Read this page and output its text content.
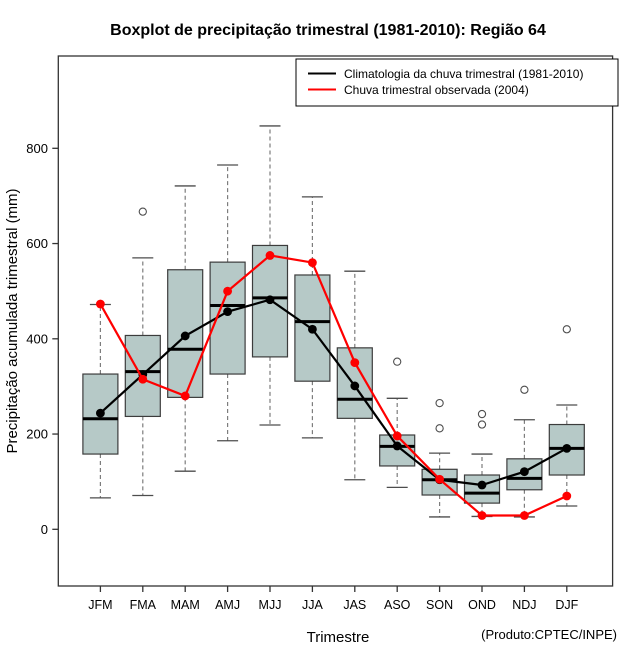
Boxplot de precipitação trimestral (1981-2010): Região 64
Precipitação acumulada trimestral (mm)
0
200
400
600
800
JFM FMA MAM AMJ MJJ JJA JAS ASO SON OND NDJ DJF
Climatologia da chuva trimestral (1981-2010)
Chuva trimestral observada (2004)
Trimestre	(Produto:CPTEC/INPE)
